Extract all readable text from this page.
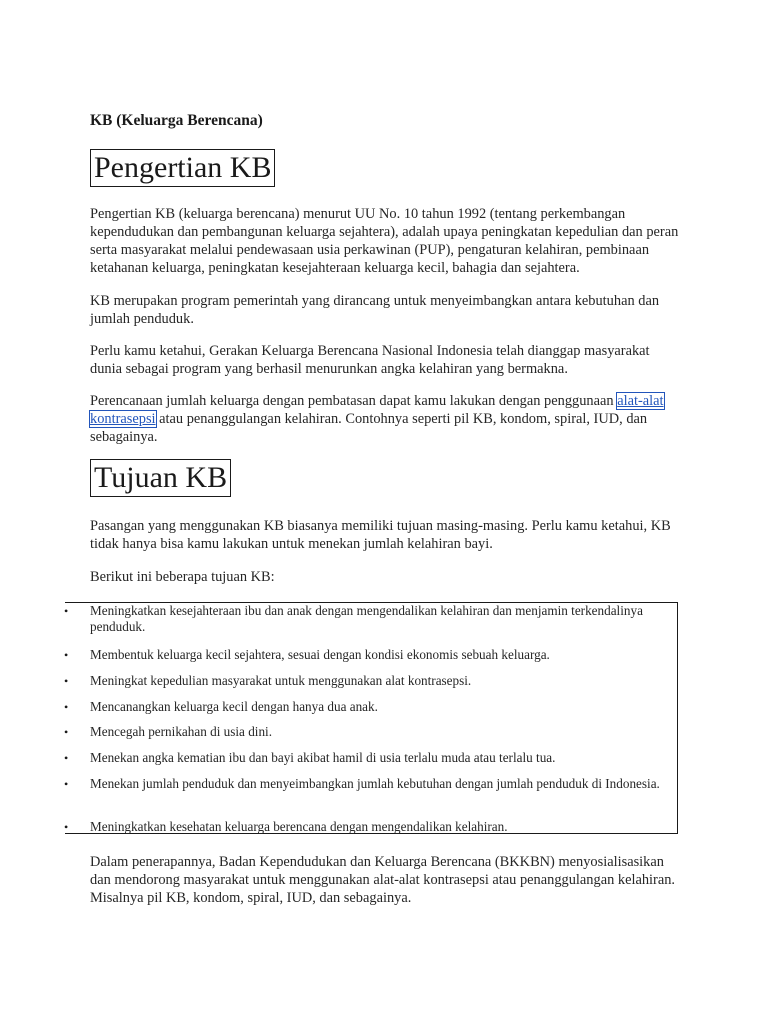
KB (Keluarga Berencana)
Pengertian KB

Pengertian KB (keluarga berencana) menurut UU No. 10 tahun 1992 (tentang perkembangan kependudukan dan pembangunan keluarga sejahtera), adalah upaya peningkatan kepedulian dan peran serta masyarakat melalui pendewasaan usia perkawinan (PUP), pengaturan kelahiran, pembinaan ketahanan keluarga, peningkatan kesejahteraan keluarga kecil, bahagia dan sejahtera.

KB merupakan program pemerintah yang dirancang untuk menyeimbangkan antara kebutuhan dan jumlah penduduk.

Perlu kamu ketahui, Gerakan Keluarga Berencana Nasional Indonesia telah dianggap masyarakat dunia sebagai program yang berhasil menurunkan angka kelahiran yang bermakna.

Perencanaan jumlah keluarga dengan pembatasan dapat kamu lakukan dengan penggunaan alat-alat kontrasepsi atau penanggulangan kelahiran. Contohnya seperti pil KB, kondom, spiral, IUD, dan sebagainya.

Tujuan KB

Pasangan yang menggunakan KB biasanya memiliki tujuan masing-masing. Perlu kamu ketahui, KB tidak hanya bisa kamu lakukan untuk menekan jumlah kelahiran bayi.

Berikut ini beberapa tujuan KB:

• Meningkatkan kesejahteraan ibu dan anak dengan mengendalikan kelahiran dan menjamin terkendalinya penduduk.
• Membentuk keluarga kecil sejahtera, sesuai dengan kondisi ekonomis sebuah keluarga.
• Meningkat kepedulian masyarakat untuk menggunakan alat kontrasepsi.
• Mencanangkan keluarga kecil dengan hanya dua anak.
• Mencegah pernikahan di usia dini.
• Menekan angka kematian ibu dan bayi akibat hamil di usia terlalu muda atau terlalu tua.
• Menekan jumlah penduduk dan menyeimbangkan jumlah kebutuhan dengan jumlah penduduk di Indonesia.
• Meningkatkan kesehatan keluarga berencana dengan mengendalikan kelahiran.

Dalam penerapannya, Badan Kependudukan dan Keluarga Berencana (BKKBN) menyosialisasikan dan mendorong masyarakat untuk menggunakan alat-alat kontrasepsi atau penanggulangan kelahiran. Misalnya pil KB, kondom, spiral, IUD, dan sebagainya.
